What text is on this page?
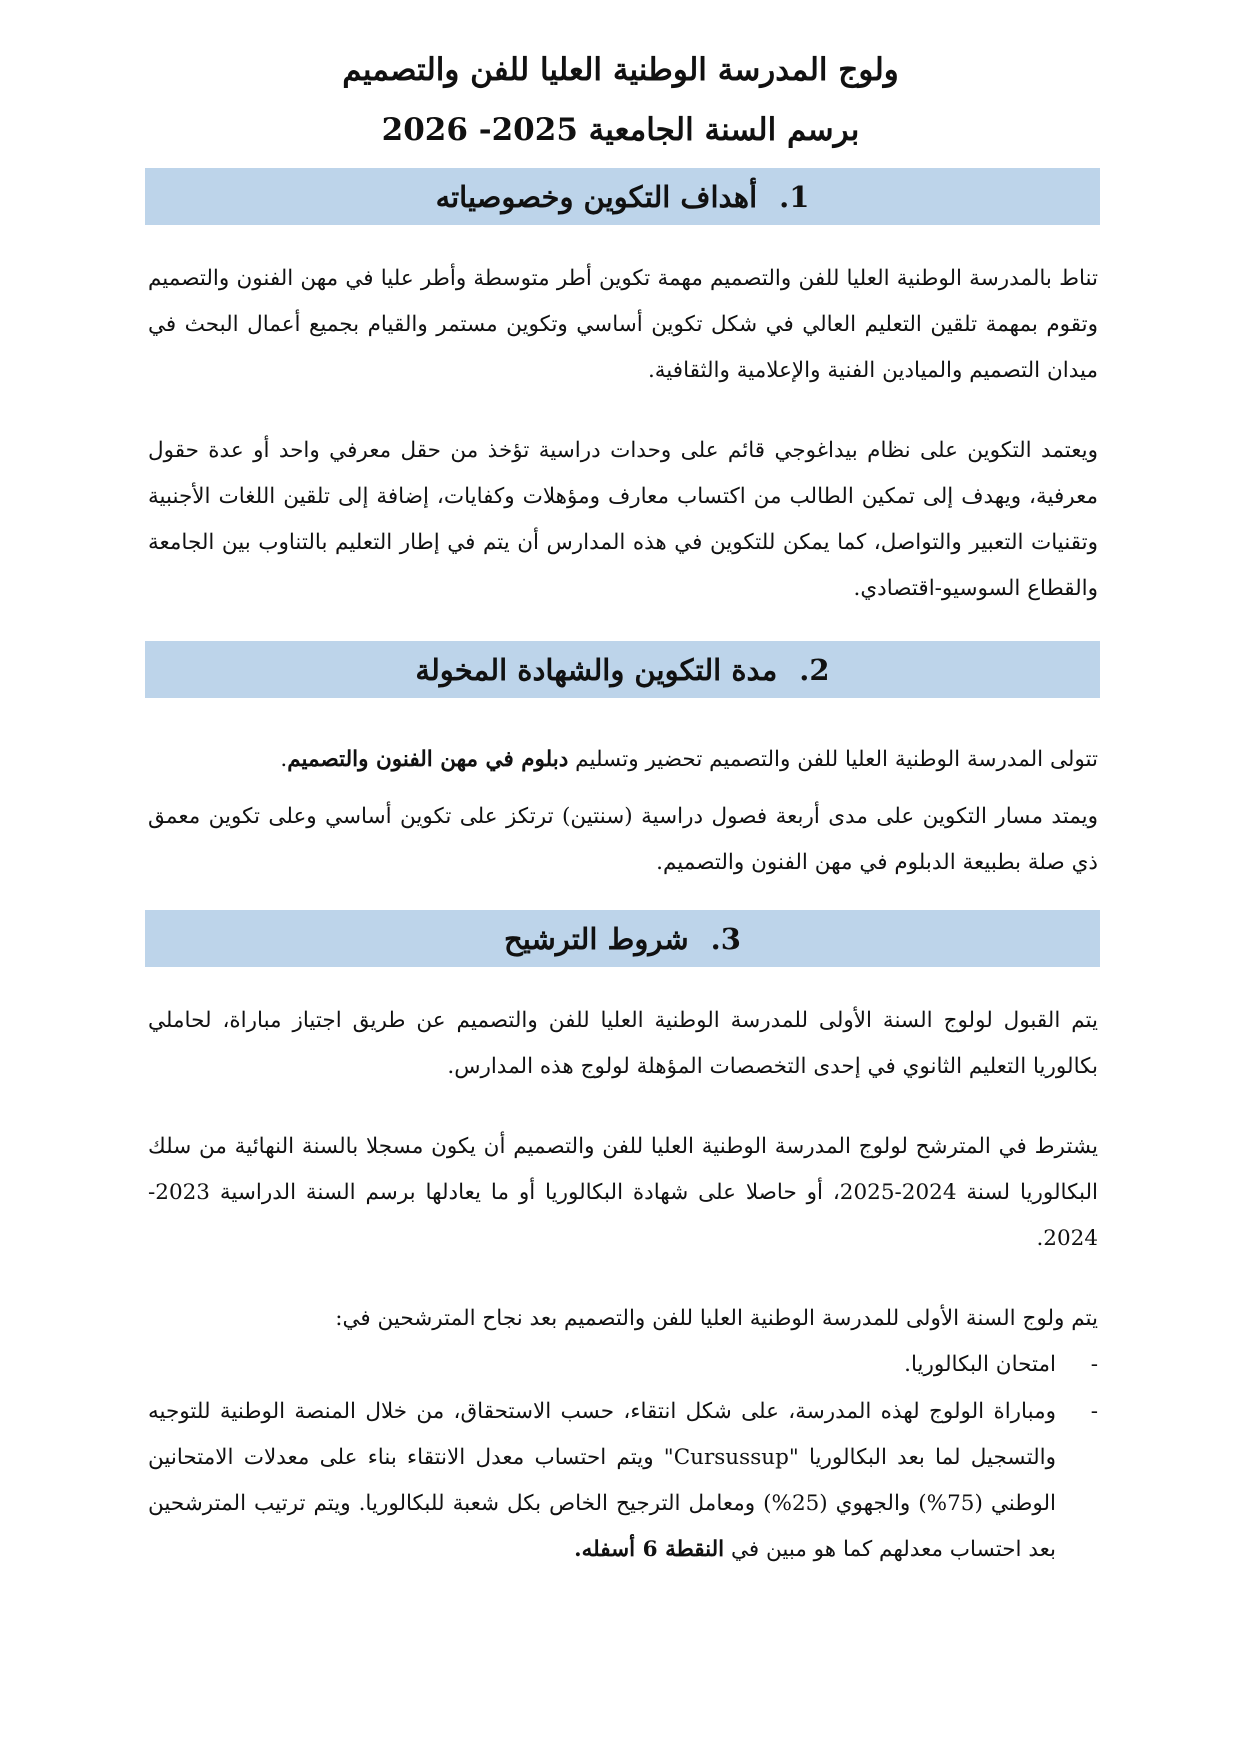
ولوج المدرسة الوطنية العليا للفن والتصميم
برسم السنة الجامعية 2025- 2026
1.
أهداف التكوين وخصوصياته

تناط بالمدرسة الوطنية العليا للفن والتصميم مهمة تكوين أطر متوسطة وأطر عليا في مهن الفنون والتصميم وتقوم بمهمة تلقين التعليم العالي في شكل تكوين أساسي وتكوين مستمر والقيام بجميع أعمال البحث في ميدان التصميم والميادين الفنية والإعلامية والثقافية.

ويعتمد التكوين على نظام بيداغوجي قائم على وحدات دراسية تؤخذ من حقل معرفي واحد أو عدة حقول معرفية، ويهدف إلى تمكين الطالب من اكتساب معارف ومؤهلات وكفايات، إضافة إلى تلقين اللغات الأجنبية وتقنيات التعبير والتواصل، كما يمكن للتكوين في هذه المدارس أن يتم في إطار التعليم بالتناوب بين الجامعة والقطاع السوسيو-اقتصادي.

2.
مدة التكوين والشهادة المخولة

تتولى المدرسة الوطنية العليا للفن والتصميم تحضير وتسليم دبلوم في مهن الفنون والتصميم.

ويمتد مسار التكوين على مدى أربعة فصول دراسية (سنتين) ترتكز على تكوين أساسي وعلى تكوين معمق ذي صلة بطبيعة الدبلوم في مهن الفنون والتصميم.

3.
شروط الترشيح

يتم القبول لولوج السنة الأولى للمدرسة الوطنية العليا للفن والتصميم عن طريق اجتياز مباراة، لحاملي بكالوريا التعليم الثانوي في إحدى التخصصات المؤهلة لولوج هذه المدارس.

يشترط في المترشح لولوج المدرسة الوطنية العليا للفن والتصميم أن يكون مسجلا بالسنة النهائية من سلك البكالوريا لسنة 2024-2025، أو حاصلا على شهادة البكالوريا أو ما يعادلها برسم السنة الدراسية 2023-2024.

يتم ولوج السنة الأولى للمدرسة الوطنية العليا للفن والتصميم بعد نجاح المترشحين في:

-
امتحان البكالوريا.
-
ومباراة الولوج لهذه المدرسة، على شكل انتقاء، حسب الاستحقاق، من خلال المنصة الوطنية للتوجيه والتسجيل لما بعد البكالوريا "Cursussup" ويتم احتساب معدل الانتقاء بناء على معدلات الامتحانين الوطني (75%) والجهوي (25%) ومعامل الترجيح الخاص بكل شعبة للبكالوريا. ويتم ترتيب المترشحين بعد احتساب معدلهم كما هو مبين في النقطة 6 أسفله.
